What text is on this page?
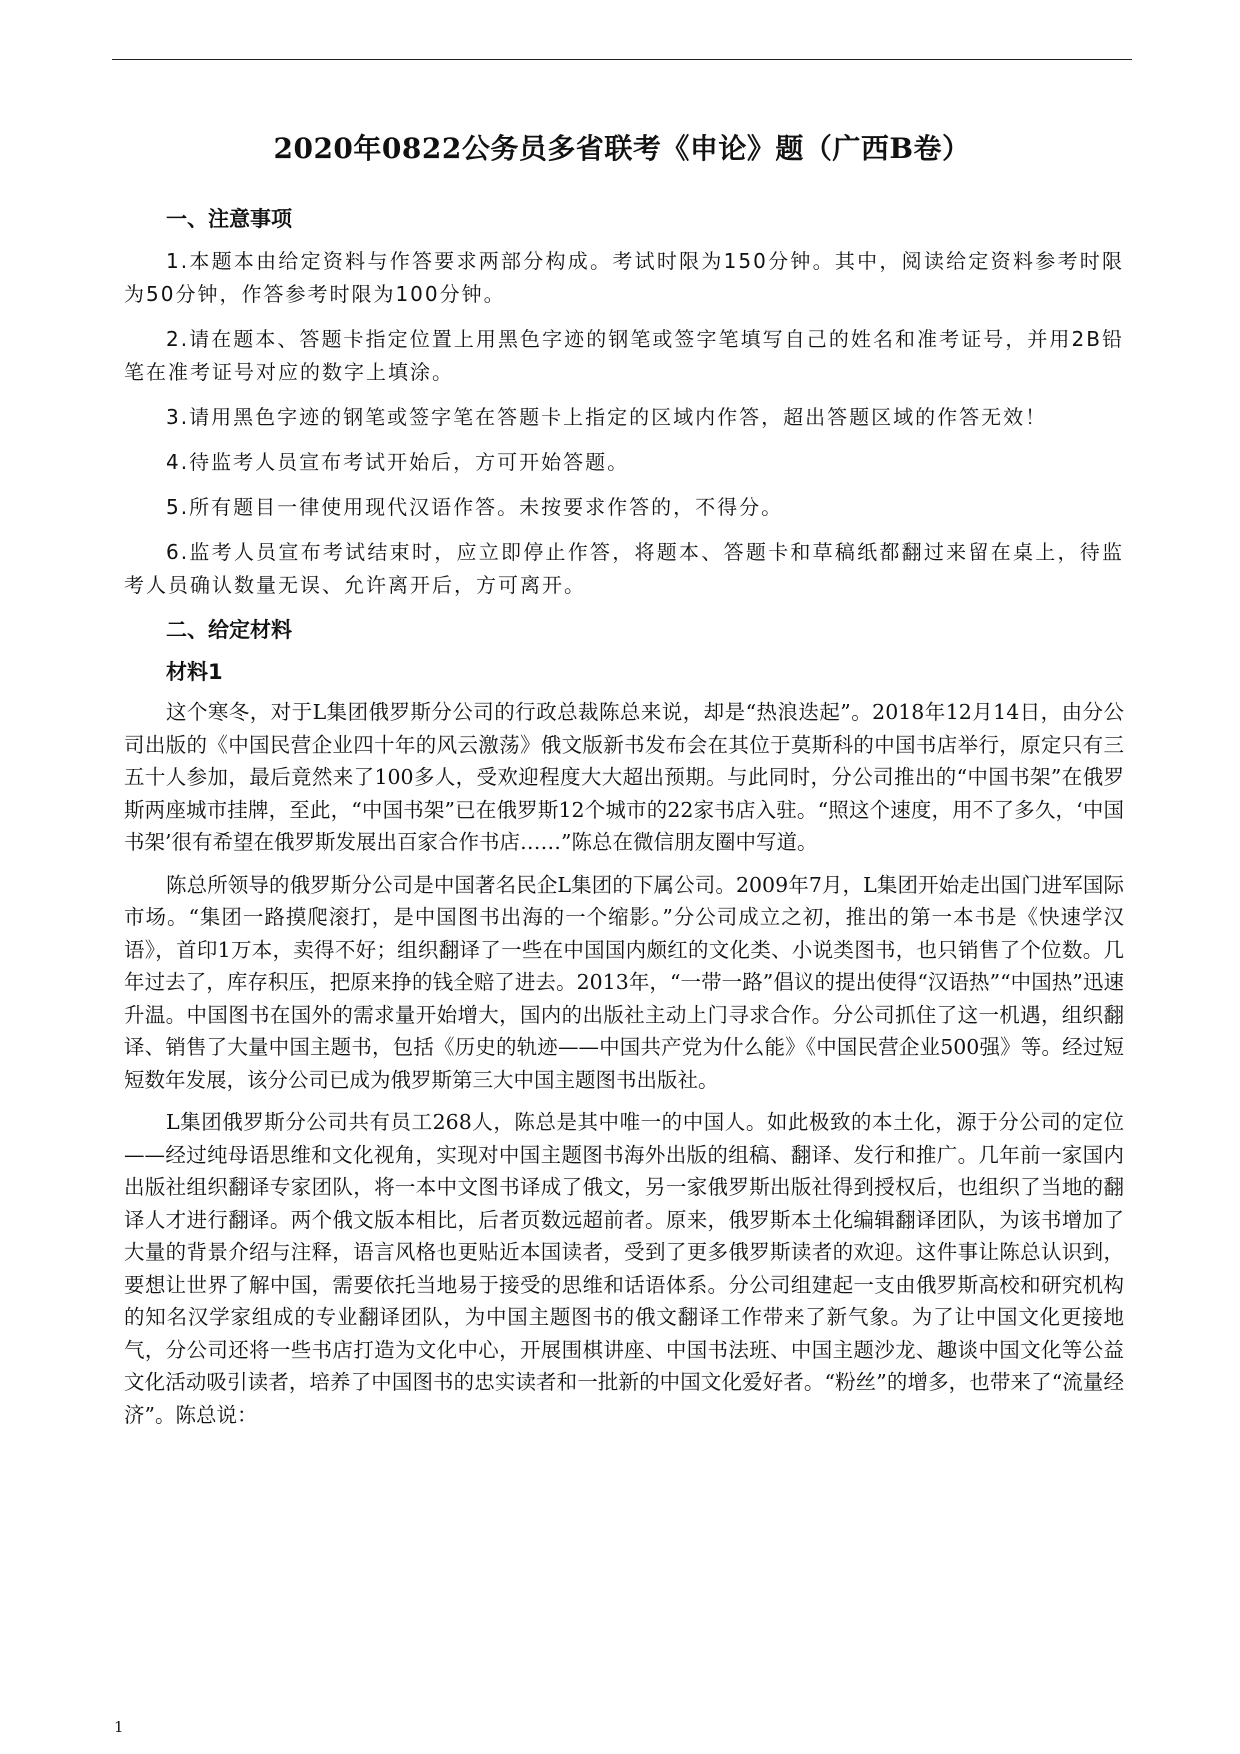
2020年0822公务员多省联考《申论》题（广西B卷）
一、注意事项

1.本题本由给定资料与作答要求两部分构成。考试时限为150分钟。其中，阅读给定资料参考时限为50分钟，作答参考时限为100分钟。

2.请在题本、答题卡指定位置上用黑色字迹的钢笔或签字笔填写自己的姓名和准考证号，并用2B铅笔在准考证号对应的数字上填涂。

3.请用黑色字迹的钢笔或签字笔在答题卡上指定的区域内作答，超出答题区域的作答无效！

4.待监考人员宣布考试开始后，方可开始答题。

5.所有题目一律使用现代汉语作答。未按要求作答的，不得分。

6.监考人员宣布考试结束时，应立即停止作答，将题本、答题卡和草稿纸都翻过来留在桌上，待监考人员确认数量无误、允许离开后，方可离开。

二、给定材料
材料1

这个寒冬，对于L集团俄罗斯分公司的行政总裁陈总来说，却是“热浪迭起”。2018年12月14日，由分公司出版的《中国民营企业四十年的风云激荡》俄文版新书发布会在其位于莫斯科的中国书店举行，原定只有三五十人参加，最后竟然来了100多人，受欢迎程度大大超出预期。与此同时，分公司推出的“中国书架”在俄罗斯两座城市挂牌，至此，“中国书架”已在俄罗斯12个城市的22家书店入驻。“照这个速度，用不了多久，‘中国书架’很有希望在俄罗斯发展出百家合作书店……”陈总在微信朋友圈中写道。

陈总所领导的俄罗斯分公司是中国著名民企L集团的下属公司。2009年7月，L集团开始走出国门进军国际市场。“集团一路摸爬滚打，是中国图书出海的一个缩影。”分公司成立之初，推出的第一本书是《快速学汉语》，首印1万本，卖得不好；组织翻译了一些在中国国内颇红的文化类、小说类图书，也只销售了个位数。几年过去了，库存积压，把原来挣的钱全赔了进去。2013年，“一带一路”倡议的提出使得“汉语热”“中国热”迅速升温。中国图书在国外的需求量开始增大，国内的出版社主动上门寻求合作。分公司抓住了这一机遇，组织翻译、销售了大量中国主题书，包括《历史的轨迹——中国共产党为什么能》《中国民营企业500强》等。经过短短数年发展，该分公司已成为俄罗斯第三大中国主题图书出版社。

L集团俄罗斯分公司共有员工268人，陈总是其中唯一的中国人。如此极致的本土化，源于分公司的定位——经过纯母语思维和文化视角，实现对中国主题图书海外出版的组稿、翻译、发行和推广。几年前一家国内出版社组织翻译专家团队，将一本中文图书译成了俄文，另一家俄罗斯出版社得到授权后，也组织了当地的翻译人才进行翻译。两个俄文版本相比，后者页数远超前者。原来，俄罗斯本土化编辑翻译团队，为该书增加了大量的背景介绍与注释，语言风格也更贴近本国读者，受到了更多俄罗斯读者的欢迎。这件事让陈总认识到，要想让世界了解中国，需要依托当地易于接受的思维和话语体系。分公司组建起一支由俄罗斯高校和研究机构的知名汉学家组成的专业翻译团队，为中国主题图书的俄文翻译工作带来了新气象。为了让中国文化更接地气，分公司还将一些书店打造为文化中心，开展围棋讲座、中国书法班、中国主题沙龙、趣谈中国文化等公益文化活动吸引读者，培养了中国图书的忠实读者和一批新的中国文化爱好者。“粉丝”的增多，也带来了“流量经济”。陈总说：

1
